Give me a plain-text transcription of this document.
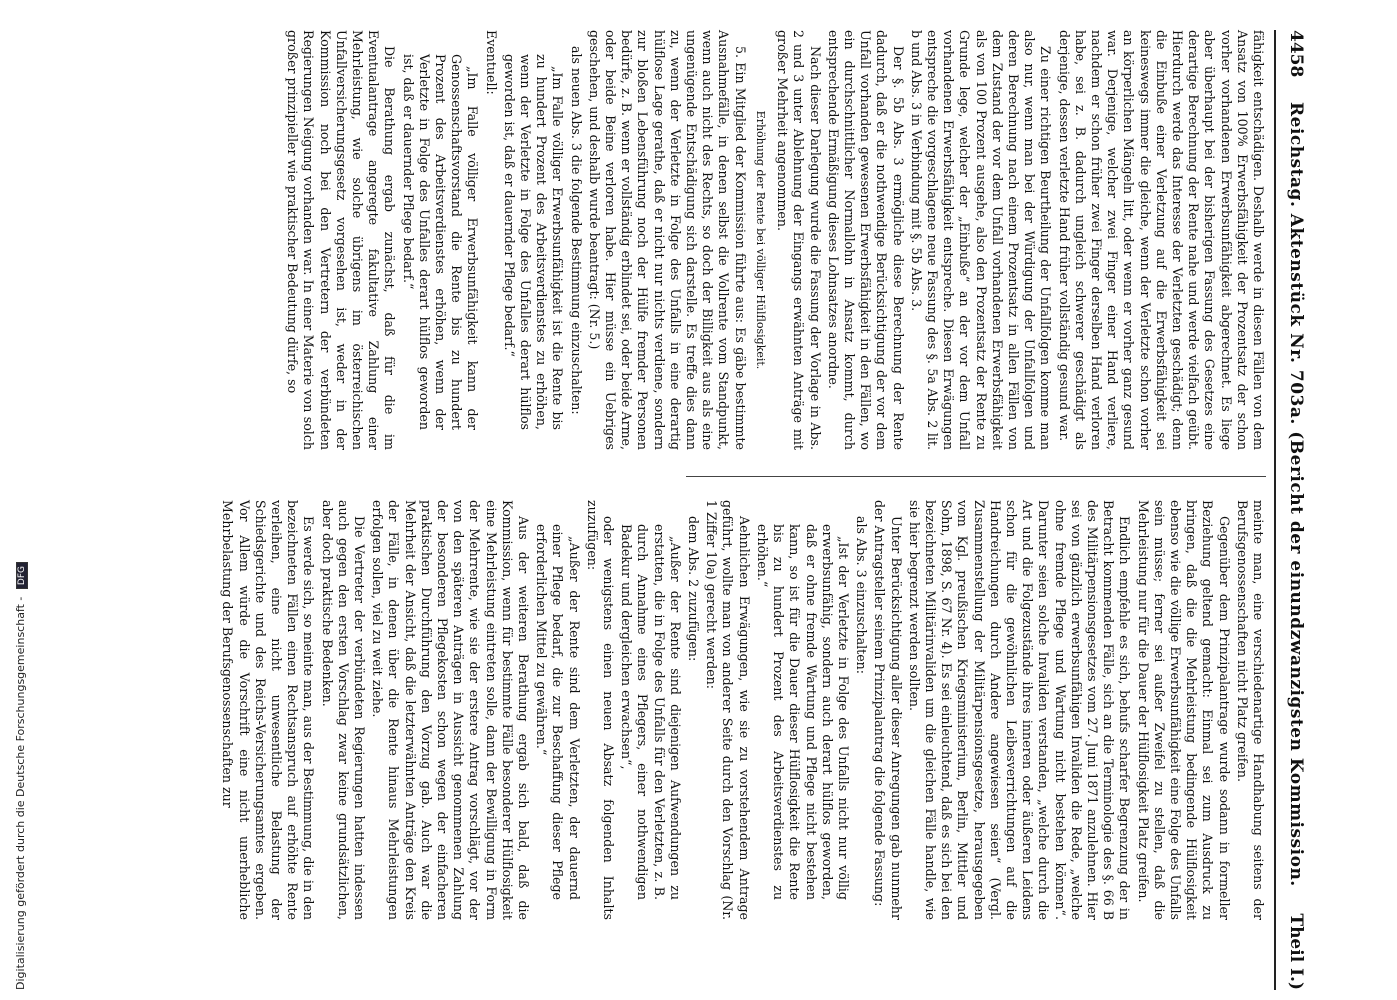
4458
Reichstag. Aktenstück Nr. 703a. (Bericht der einundzwanzigsten Kommission.
Theil I.)

fähigkeit entschädigen. Deshalb werde in diesen Fällen von dem Ansatz von 100% Erwerbsfähigkeit der Prozentsatz der schon vorher vorhandenen Erwerbsunfähigkeit abgerechnet. Es liege aber überhaupt bei der bisherigen Fassung des Gesetzes eine derartige Berechnung der Rente nahe und werde vielfach geübt. Hierdurch werde das Interesse der Verletzten geschädigt; denn die Einbuße einer Verletzung auf die Erwerbsfähigkeit sei keineswegs immer die gleiche, wenn der Verletzte schon vorher an körperlichen Mängeln litt, oder wenn er vorher ganz gesund war. Derjenige, welcher zwei Finger einer Hand verliere, nachdem er schon früher zwei Finger derselben Hand verloren habe, sei z. B. dadurch ungleich schwerer geschädigt als derjenige, dessen verletzte Hand früher vollständig gesund war.

Zu einer richtigen Beurtheilung der Unfallfolgen komme man also nur, wenn man bei der Würdigung der Unfallfolgen und deren Berechnung nach einem Prozentsatz in allen Fällen von dem Zustand der vor dem Unfall vorhandenen Erwerbsfähigkeit als von 100 Prozent ausgehe, also den Prozentsatz der Rente zu Grunde lege, welcher der „Einbuße“ an der vor dem Unfall vorhandenen Erwerbsfähigkeit entspreche. Diesen Erwägungen entspreche die vorgeschlagene neue Fassung des §. 5a Abs. 2 lit. b und Abs. 3 in Verbindung mit §. 5b Abs. 3.

Der §. 5b Abs. 3 ermögliche diese Berechnung der Rente dadurch, daß er die nothwendige Berücksichtigung der vor dem Unfall vorhanden gewesenen Erwerbsfähigkeit in den Fällen, wo ein durchschnittlicher Normallohn in Ansatz kommt, durch entsprechende Ermäßigung dieses Lohnsatzes anordne.

Nach dieser Darlegung wurde die Fassung der Vorlage in Abs. 2 und 3 unter Ablehnung der Eingangs erwähnten Anträge mit großer Mehrheit angenommen.

Erhöhung der Rente bei völliger Hülflosigkeit.

5. Ein Mitglied der Kommission führte aus: Es gäbe bestimmte Ausnahmefälle, in denen selbst die Vollrente vom Standpunkt, wenn auch nicht des Rechts, so doch der Billigkeit aus als eine ungenügende Entschädigung sich darstelle. Es treffe dies dann zu, wenn der Verletzte in Folge des Unfalls in eine derartig hülflose Lage gerathe, daß er nicht nur nichts verdiene, sondern zur bloßen Lebensführung noch der Hülfe fremder Personen bedürfe, z. B. wenn er vollständig erblindet sei, oder beide Arme, oder beide Beine verloren habe. Hier müsse ein Uebriges geschehen, und deshalb wurde beantragt: (Nr. 5.)

als neuen Abs. 3 die folgende Bestimmung einzuschalten:

„Im Falle völliger Erwerbsunfähigkeit ist die Rente bis zu hundert Prozent des Arbeitsverdienstes zu erhöhen, wenn der Verletzte in Folge des Unfalles derart hülflos geworden ist, daß er dauernder Pflege bedarf.“

Eventuell:

„Im Falle völliger Erwerbsunfähigkeit kann der Genossenschaftsvorstand die Rente bis zu hundert Prozent des Arbeitsverdienstes erhöhen, wenn der Verletzte in Folge des Unfalles derart hülflos geworden ist, daß er dauernder Pflege bedarf.“

Die Berathung ergab zunächst, daß für die im Eventualantrage angeregte fakultative Zahlung einer Mehrleistung, wie solche übrigens im österreichischen Unfallversicherungsgesetz vorgesehen ist, weder in der Kommission noch bei den Vertretern der verbündeten Regierungen Neigung vorhanden war. In einer Materie von solch großer prinzipieller wie praktischer Bedeutung dürfe, so

meinte man, eine verschiedenartige Handhabung seitens der Berufsgenossenschaften nicht Platz greifen.

Gegenüber dem Prinzipalantrage wurde sodann in formeller Beziehung geltend gemacht: Einmal sei zum Ausdruck zu bringen, daß die die Mehrleistung bedingende Hülflosigkeit ebenso wie die völlige Erwerbsunfähigkeit eine Folge des Unfalls sein müsse; ferner sei außer Zweifel zu stellen, daß die Mehrleistung nur für die Dauer der Hülflosigkeit Platz greifen.

Endlich empfehle es sich, behufs scharfer Begrenzung der in Betracht kommenden Fälle, sich an die Terminologie des §. 66 B des Militärpensionsgesetzes vom 27. Juni 1871 anzulehnen. Hier sei von gänzlich erwerbsunfähigen Invaliden die Rede, „welche ohne fremde Pflege und Wartung nicht bestehen können“. Darunter seien solche Invaliden verstanden, „welche durch die Art und die Folgezustände ihres inneren oder äußeren Leidens schon für die gewöhnlichen Leibesverrichtungen auf die Handreichungen durch Andere angewiesen seien“ (Vergl. Zusammenstellung der Militärpensionsgesetze, herausgegeben vom Kgl. preußischen Kriegsministerium, Berlin, Mittler und Sohn, 1898, S. 67 Nr. 4). Es sei einleuchtend, daß es sich bei den bezeichneten Militärinvaliden um die gleichen Fälle handle, wie sie hier begrenzt werden sollten.

Unter Berücksichtigung aller dieser Anregungen gab nunmehr der Antragsteller seinem Prinzipalantrag die folgende Fassung:

als Abs. 3 einzuschalten:

„Ist der Verletzte in Folge des Unfalls nicht nur völlig erwerbsunfähig, sondern auch derart hülflos geworden, daß er ohne fremde Wartung und Pflege nicht bestehen kann, so ist für die Dauer dieser Hülflosigkeit die Rente bis zu hundert Prozent des Arbeitsverdienstes zu erhöhen.“

Aehnlichen Erwägungen, wie sie zu vorstehendem Antrage geführt, wollte man von anderer Seite durch den Vorschlag (Nr. 1 Ziffer 10a) gerecht werden:

dem Abs. 2 zuzufügen:

„Außer der Rente sind diejenigen Aufwendungen zu erstatten, die in Folge des Unfalls für den Verletzten, z. B. durch Annahme eines Pflegers, einer nothwendigen Badekur und dergleichen erwachsen“,

oder wenigstens einen neuen Absatz folgenden Inhalts zuzufügen:

„Außer der Rente sind dem Verletzten, der dauernd einer Pflege bedarf, die zur Beschaffung dieser Pflege erforderlichen Mittel zu gewähren.“

Aus der weiteren Berathung ergab sich bald, daß die Kommission, wenn für bestimmte Fälle besonderer Hülflosigkeit eine Mehrleistung eintreten solle, dann der Bewilligung in Form der Mehrrente, wie sie der erstere Antrag vorschlägt, vor der von den späteren Anträgen in Aussicht genommenen Zahlung der besonderen Pflegekosten schon wegen der einfacheren praktischen Durchführung den Vorzug gab. Auch war die Mehrheit der Ansicht, daß die letzterwähnten Anträge den Kreis der Fälle, in denen über die Rente hinaus Mehrleistungen erfolgen sollen, viel zu weit ziehe.

Die Vertreter der verbündeten Regierungen hatten indessen auch gegen den ersten Vorschlag zwar keine grundsätzlichen, aber doch praktische Bedenken.

Es werde sich, so meinte man, aus der Bestimmung, die in den bezeichneten Fällen einen Rechtsanspruch auf erhöhte Rente verleihen, eine nicht unwesentliche Belastung der Schiedsgerichte und des Reichs-Versicherungsamtes ergeben. Vor Allem würde die Vorschrift eine nicht unerhebliche Mehrbelastung der Berufsgenossenschaften zur

Digitalisierung gefördert durch die Deutsche Forschungsgemeinschaft - DFG
